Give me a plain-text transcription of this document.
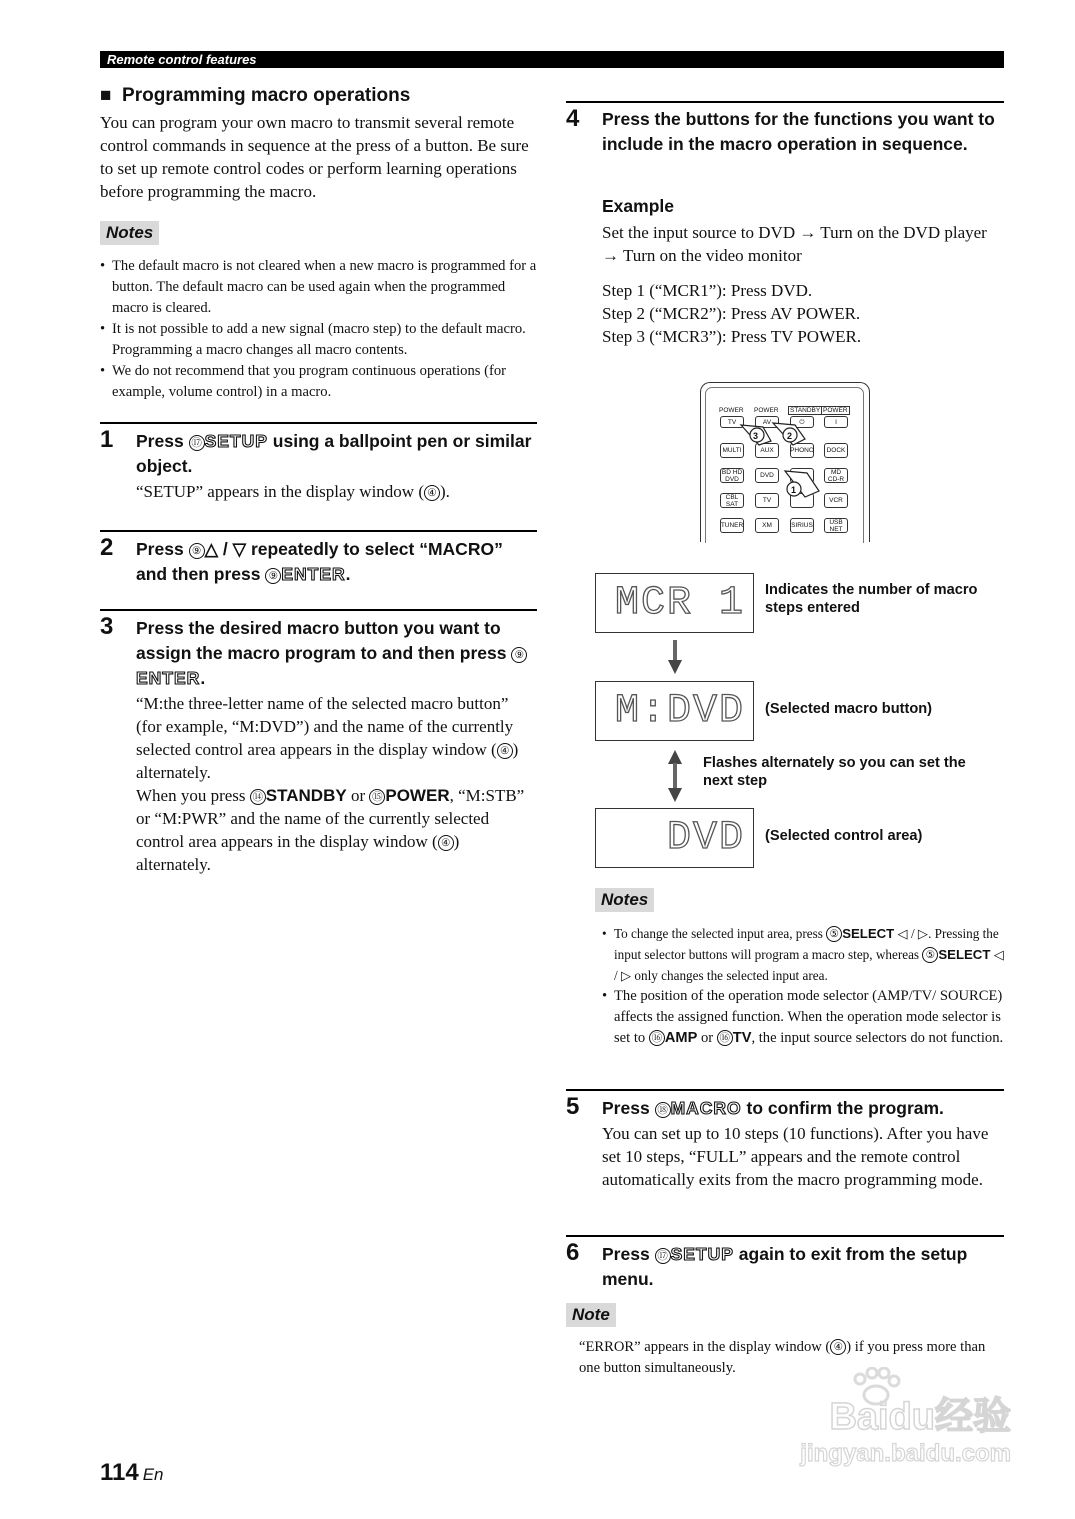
Remote control features
■ Programming macro operations
You can program your own macro to transmit several remote control commands in sequence at the press of a button. Be sure to set up remote control codes or perform learning operations before programming the macro.
Notes
• The default macro is not cleared when a new macro is programmed for a button. The default macro can be used again when the programmed macro is cleared.
• It is not possible to add a new signal (macro step) to the default macro. Programming a macro changes all macro contents.
• We do not recommend that you program continuous operations (for example, volume control) in a macro.
1 Press ⑰ SETUP using a ballpoint pen or similar object.
“SETUP” appears in the display window ( ④ ).
2 Press ⑨ △ / ▽ repeatedly to select “MACRO” and then press ⑨ ENTER.
3 Press the desired macro button you want to assign the macro program to and then press ⑨ENTER.
“M:the three-letter name of the selected macro button” (for example, “M:DVD”) and the name of the currently selected control area appears in the display window ( ④ ) alternately.
When you press ⑭ STANDBY or ⑮ POWER, “M:STB” or “M:PWR” and the name of the currently selected control area appears in the display window ( ④ ) alternately.
4 Press the buttons for the functions you want to include in the macro operation in sequence.
Example
Set the input source to DVD → Turn on the DVD player → Turn on the video monitor
Step 1 (“MCR1”): Press DVD.
Step 2 (“MCR2”): Press AV POWER.
Step 3 (“MCR3”): Press TV POWER.
POWER POWER	STANDBY POWER
TV	AV	⏻	I
MULTI	AUX	PHONO	DOCK
BD HD DVD	DVD	MD CD-R
CBL SAT	TV	VCR
TUNER	XM	SIRIUS	USB NET
3	2
1
MCR 1 Indicates the number of macro steps entered
M:DVD (Selected macro button)
Flashes alternately so you can set the next step
DVD (Selected control area)
Notes
• To change the selected input area, press ⑤ SELECT ◁ / ▷. Pressing the input selector buttons will program a macro step, whereas ⑤ SELECT ◁ / ▷ only changes the selected input area.
• The position of the operation mode selector (AMP/TV/ SOURCE) affects the assigned function. When the operation mode selector is set to ⑯ AMP or ⑯ TV, the input source selectors do not function.
5 Press ⑱ MACRO to confirm the program.
You can set up to 10 steps (10 functions). After you have set 10 steps, “FULL” appears and the remote control automatically exits from the macro programming mode.
6 Press ⑰ SETUP again to exit from the setup menu.
Note
“ERROR” appears in the display window ( ④ ) if you press more than one button simultaneously.
114 En
Baidu经验
jingyan.baidu.com
